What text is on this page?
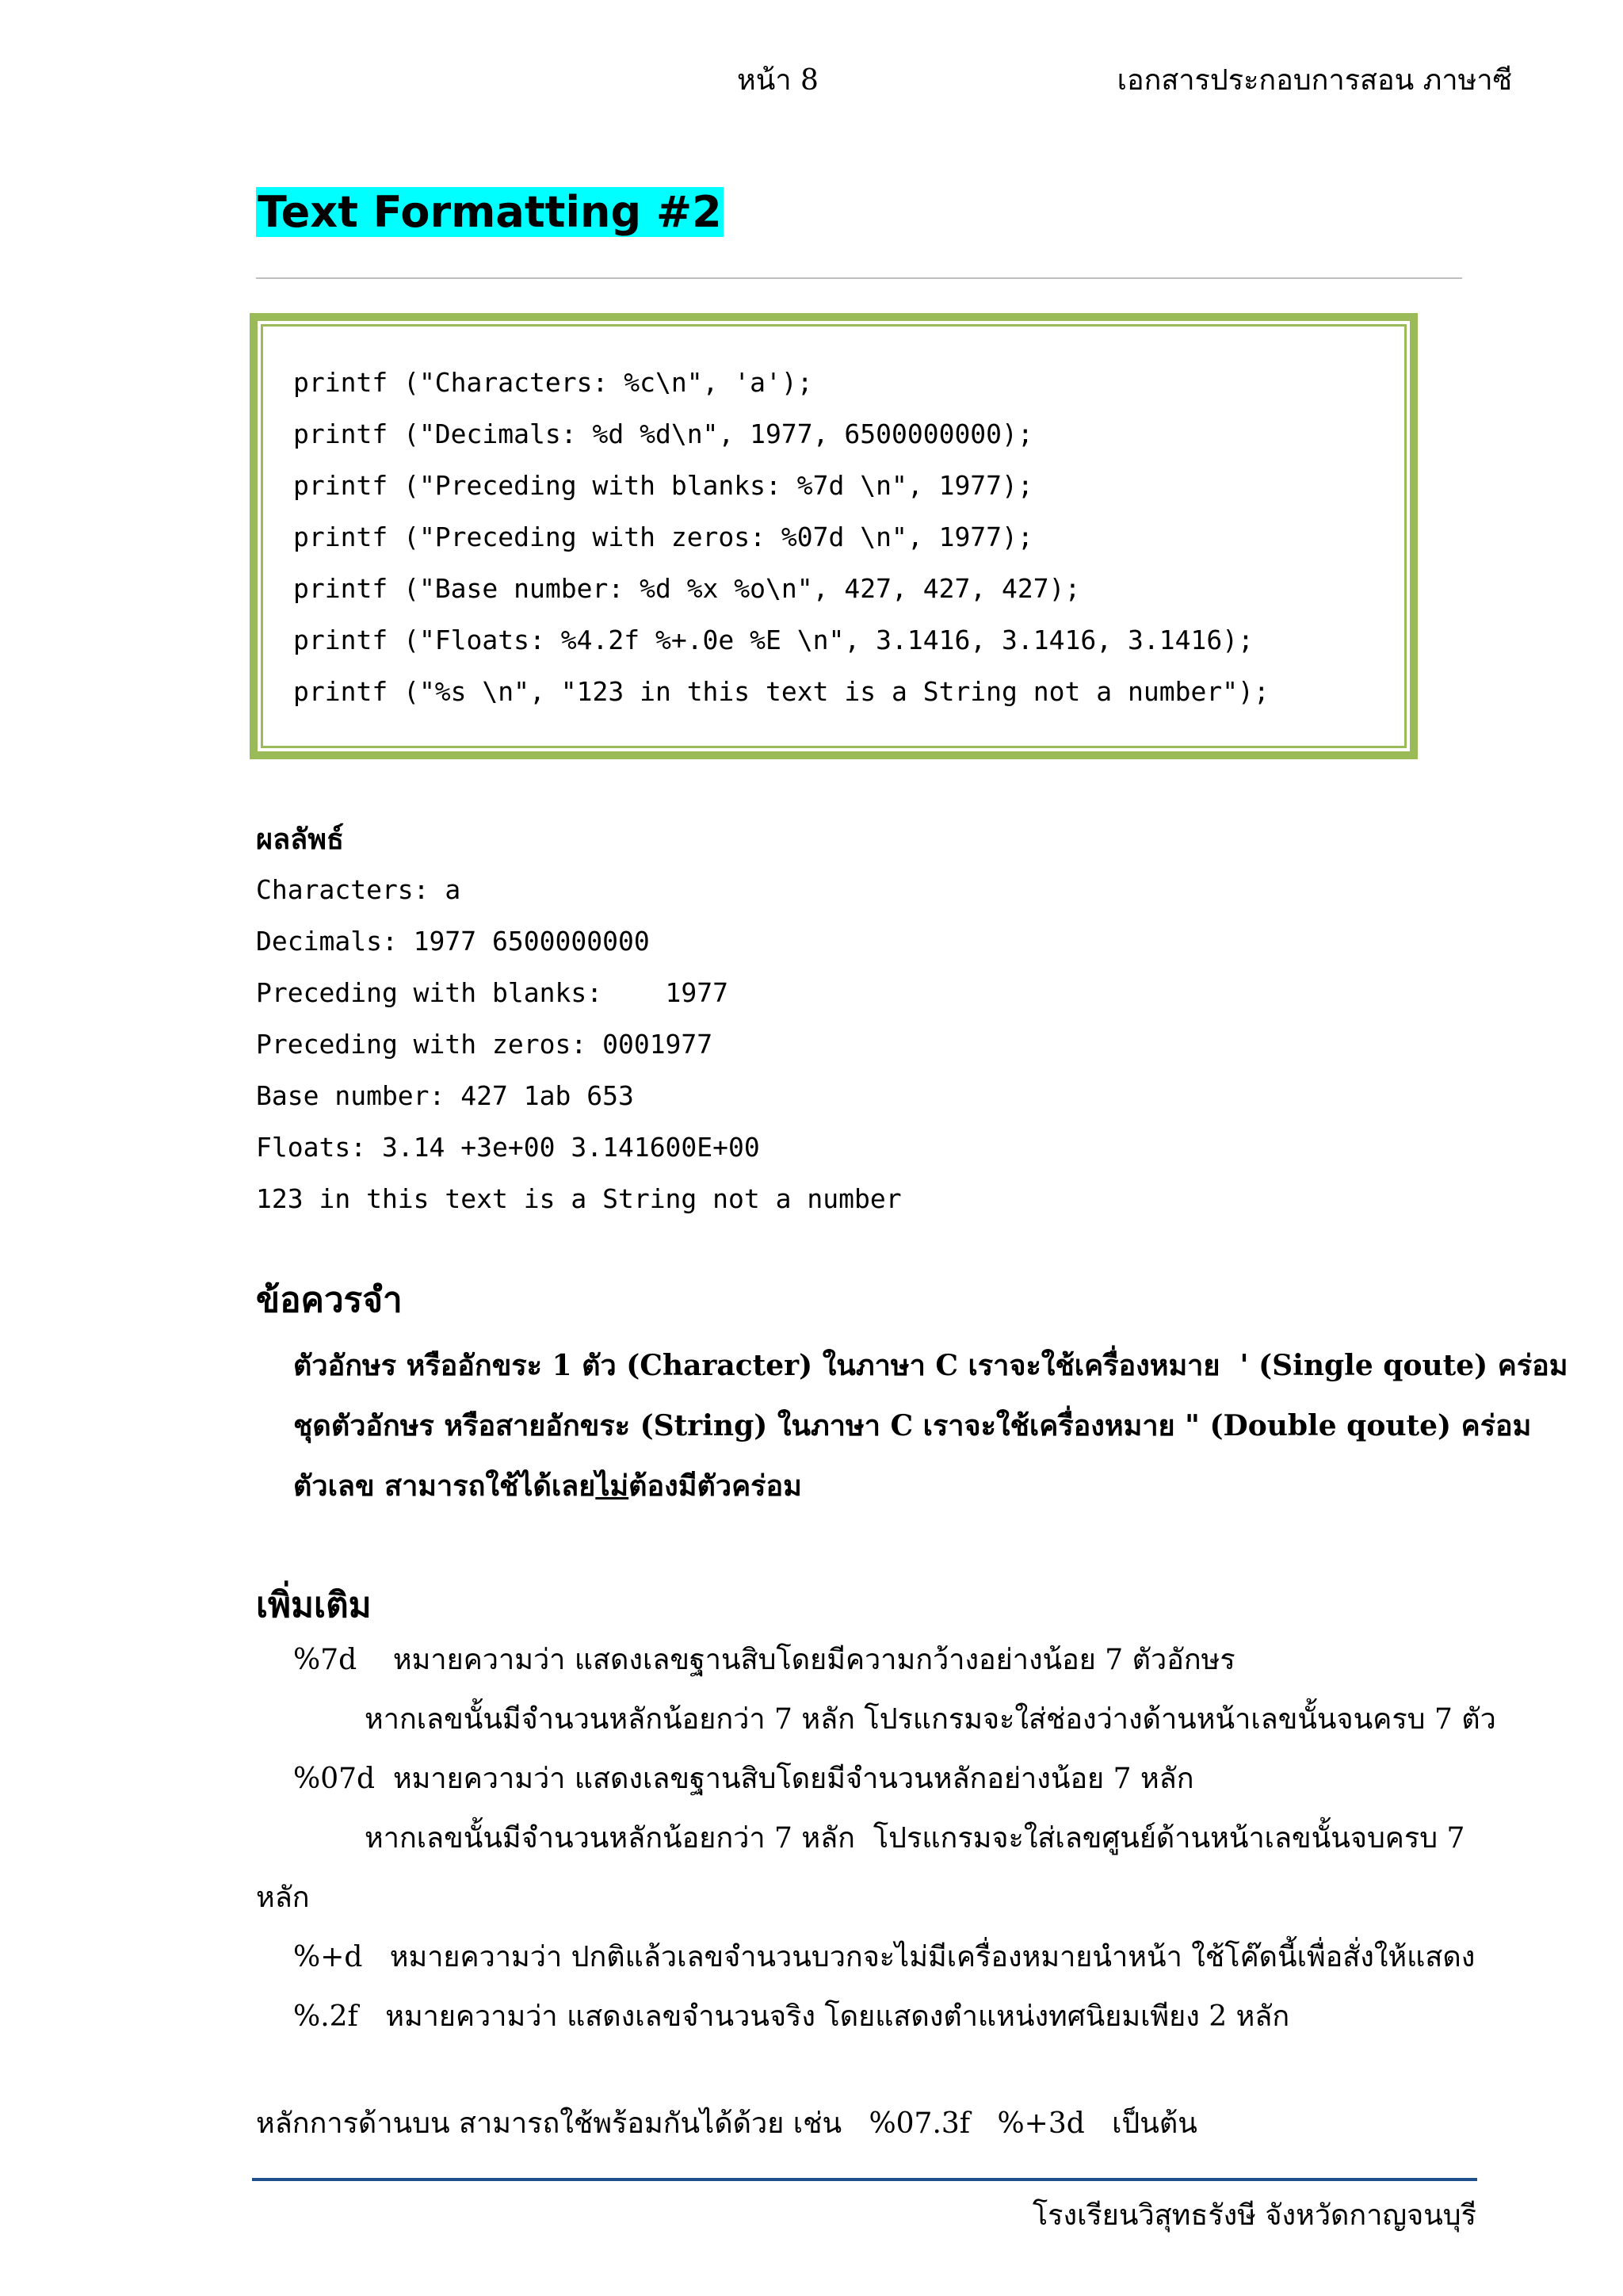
หน้า 8	เอกสารประกอบการสอน ภาษาซี
Text Formatting #2
printf ("Characters: %c\n", 'a');
printf ("Decimals: %d %d\n", 1977, 6500000000);
printf ("Preceding with blanks: %7d \n", 1977);
printf ("Preceding with zeros: %07d \n", 1977);
printf ("Base number: %d %x %o\n", 427, 427, 427);
printf ("Floats: %4.2f %+.0e %E \n", 3.1416, 3.1416, 3.1416);
printf ("%s \n", "123 in this text is a String not a number");
ผลลัพธ์
Characters: a
Decimals: 1977 6500000000
Preceding with blanks:    1977
Preceding with zeros: 0001977
Base number: 427 1ab 653
Floats: 3.14 +3e+00 3.141600E+00
123 in this text is a String not a number
ข้อควรจำ
ตัวอักษร หรืออักขระ 1 ตัว (Character) ในภาษา C เราจะใช้เครื่องหมาย  ' (Single qoute) คร่อม
ชุดตัวอักษร หรือสายอักขระ (String) ในภาษา C เราจะใช้เครื่องหมาย " (Double qoute) คร่อม
ตัวเลข สามารถใช้ได้เลยไม่ต้องมีตัวคร่อม
เพิ่มเติม
%7d    หมายความว่า แสดงเลขฐานสิบโดยมีความกว้างอย่างน้อย 7 ตัวอักษร
หากเลขนั้นมีจำนวนหลักน้อยกว่า 7 หลัก โปรแกรมจะใส่ช่องว่างด้านหน้าเลขนั้นจนครบ 7 ตัว
%07d  หมายความว่า แสดงเลขฐานสิบโดยมีจำนวนหลักอย่างน้อย 7 หลัก
หากเลขนั้นมีจำนวนหลักน้อยกว่า 7 หลัก  โปรแกรมจะใส่เลขศูนย์ด้านหน้าเลขนั้นจบครบ 7
หลัก
%+d   หมายความว่า ปกติแล้วเลขจำนวนบวกจะไม่มีเครื่องหมายนำหน้า ใช้โค๊ดนี้เพื่อสั่งให้แสดง
%.2f   หมายความว่า แสดงเลขจำนวนจริง โดยแสดงตำแหน่งทศนิยมเพียง 2 หลัก
หลักการด้านบน สามารถใช้พร้อมกันได้ด้วย เช่น   %07.3f   %+3d   เป็นต้น
โรงเรียนวิสุทธรังษี จังหวัดกาญจนบุรี
